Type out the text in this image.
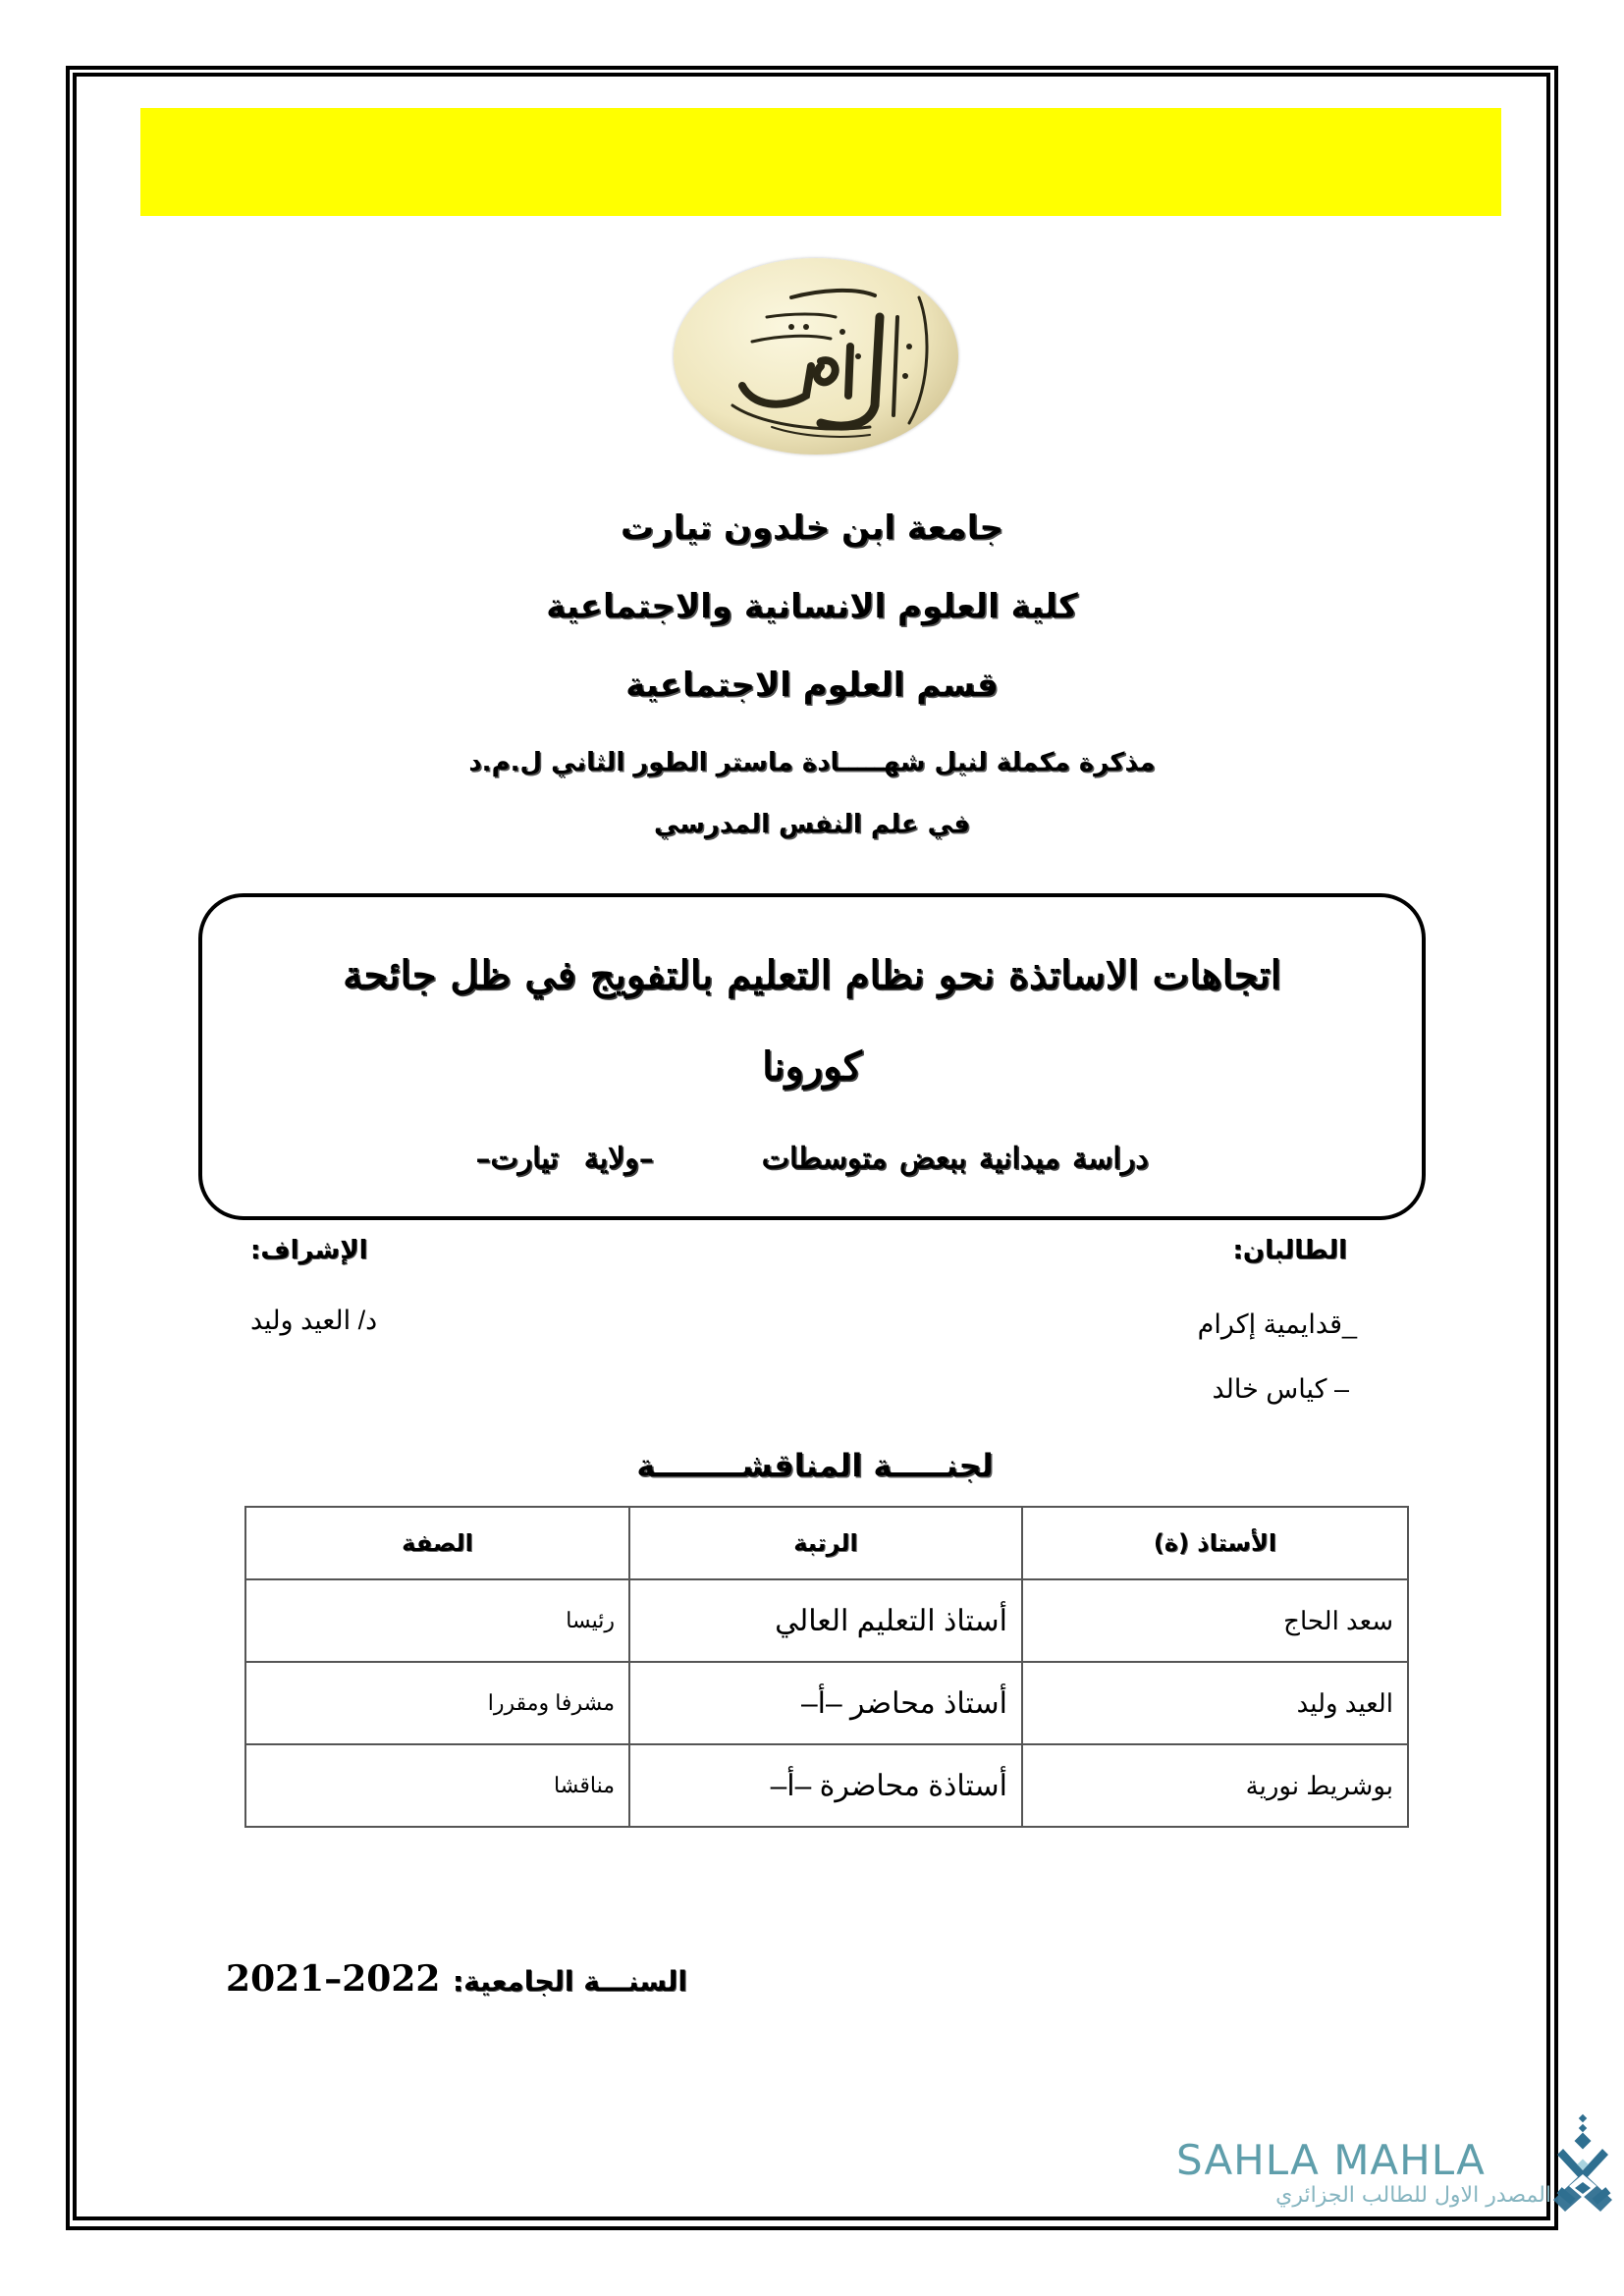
جامعة ابن خلدون تيارت
كلية العلوم الانسانية والاجتماعية
قسم العلوم الاجتماعية
مذكرة مكملة لنيل شهـــــادة ماستر الطور الثاني ل.م.د
في علم النفس المدرسي
اتجاهات الاساتذة نحو نظام التعليم بالتفويج في ظل جائحة
كورونا
دراسة ميدانية ببعض متوسطات–ولايةتيارت–
الطالبان:
_قدايمية إكرام
– كياس خالد
الإشراف:
د/ العيد وليد
لجنـــــة المناقشــــــــة
الأستاذ (ة)	الرتبة	الصفة
سعد الحاج	أستاذ التعليم العالي	رئيسا
العيد وليد	أستاذ محاضر –أ–	مشرفا ومقررا
بوشريط نورية	أستاذة محاضرة –أ–	مناقشا
السنـــة الجامعية: 2021–2022
SAHLA MAHLA
المصدر الاول للطالب الجزائري
